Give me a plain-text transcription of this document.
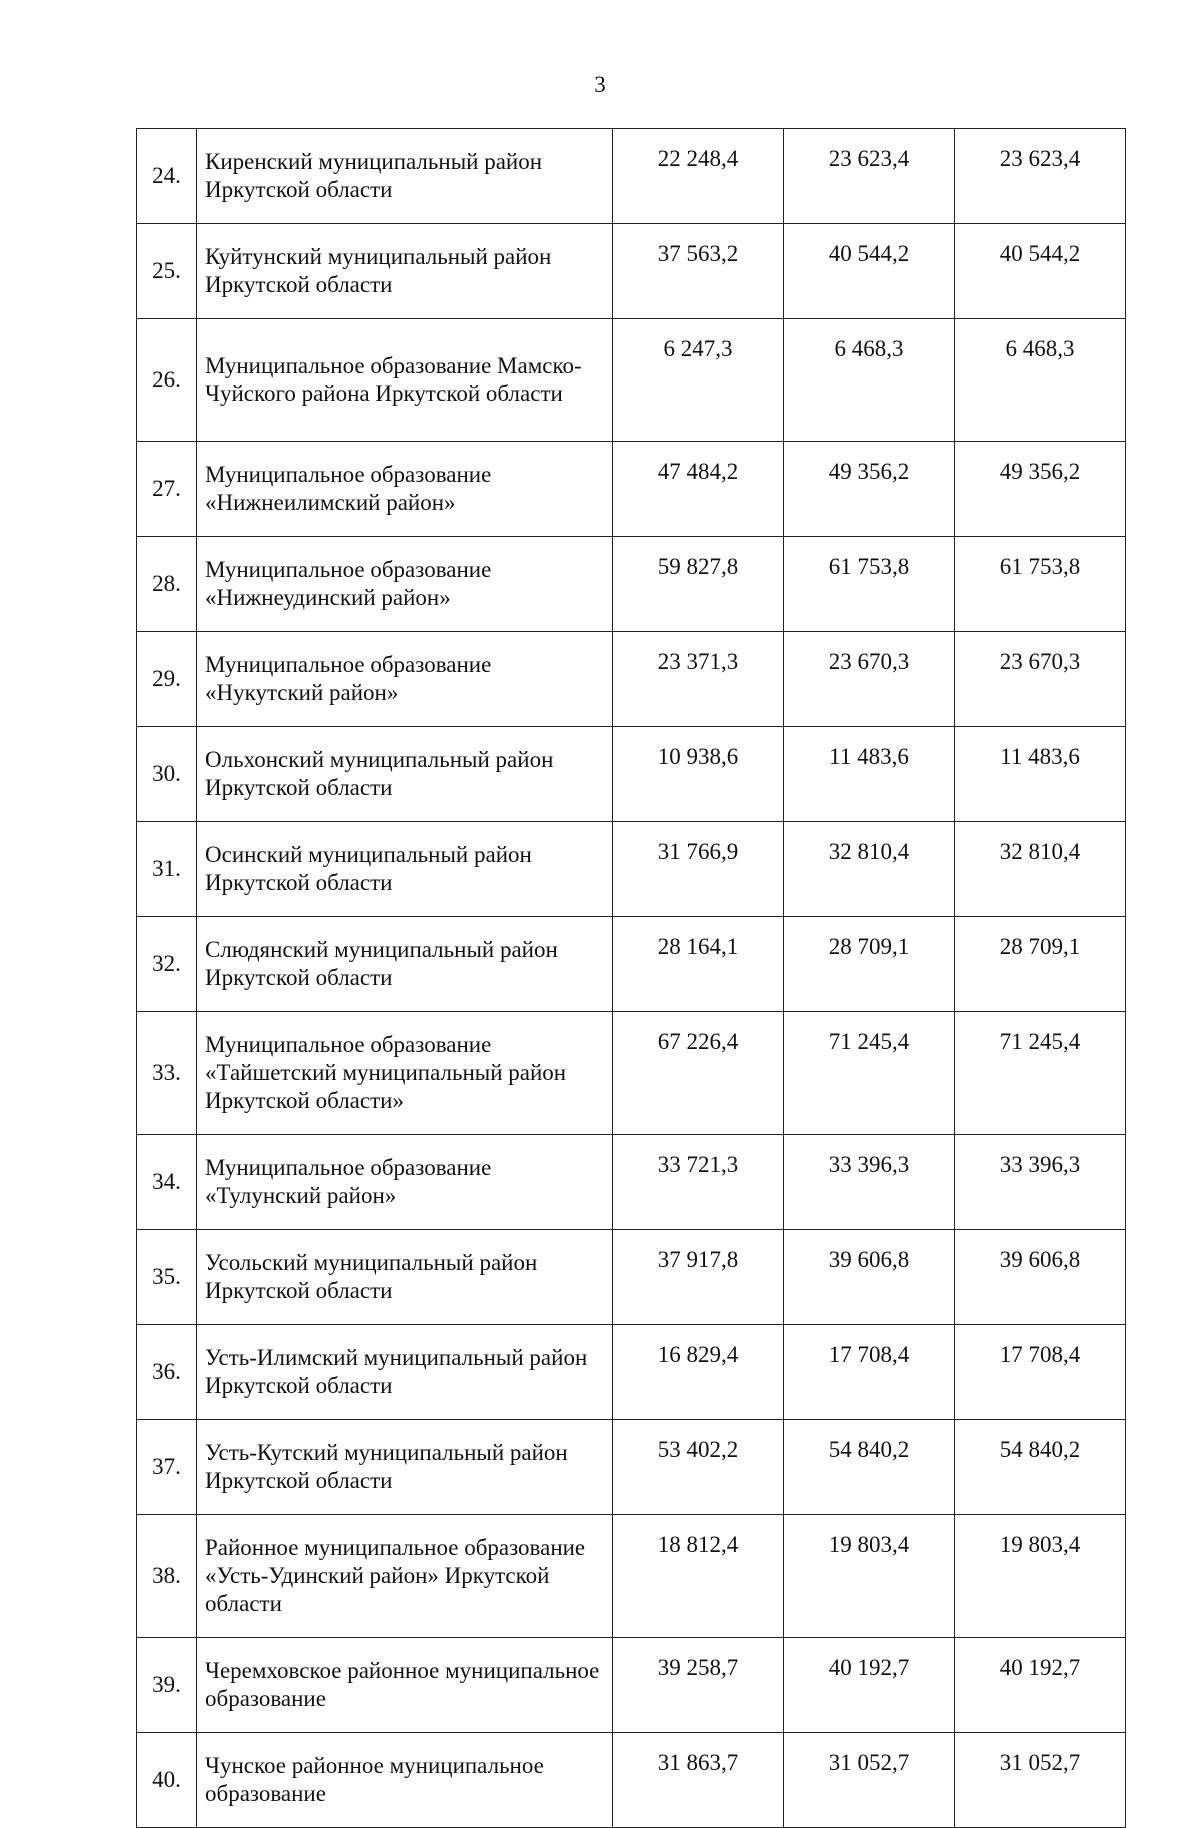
3
24.	Киренский муниципальный район Иркутской области	22 248,4	23 623,4	23 623,4
25.	Куйтунский муниципальный район Иркутской области	37 563,2	40 544,2	40 544,2
26.	Муниципальное образование Мамско-Чуйского района Иркутской области	6 247,3	6 468,3	6 468,3
27.	Муниципальное образование «Нижнеилимский район»	47 484,2	49 356,2	49 356,2
28.	Муниципальное образование «Нижнеудинский район»	59 827,8	61 753,8	61 753,8
29.	Муниципальное образование «Нукутский район»	23 371,3	23 670,3	23 670,3
30.	Ольхонский муниципальный район Иркутской области	10 938,6	11 483,6	11 483,6
31.	Осинский муниципальный район Иркутской области	31 766,9	32 810,4	32 810,4
32.	Слюдянский муниципальный район Иркутской области	28 164,1	28 709,1	28 709,1
33.	Муниципальное образование «Тайшетский муниципальный район Иркутской области»	67 226,4	71 245,4	71 245,4
34.	Муниципальное образование «Тулунский район»	33 721,3	33 396,3	33 396,3
35.	Усольский муниципальный район Иркутской области	37 917,8	39 606,8	39 606,8
36.	Усть-Илимский муниципальный район Иркутской области	16 829,4	17 708,4	17 708,4
37.	Усть-Кутский муниципальный район Иркутской области	53 402,2	54 840,2	54 840,2
38.	Районное муниципальное образование «Усть-Удинский район» Иркутской области	18 812,4	19 803,4	19 803,4
39.	Черемховское районное муниципальное образование	39 258,7	40 192,7	40 192,7
40.	Чунское районное муниципальное образование	31 863,7	31 052,7	31 052,7
